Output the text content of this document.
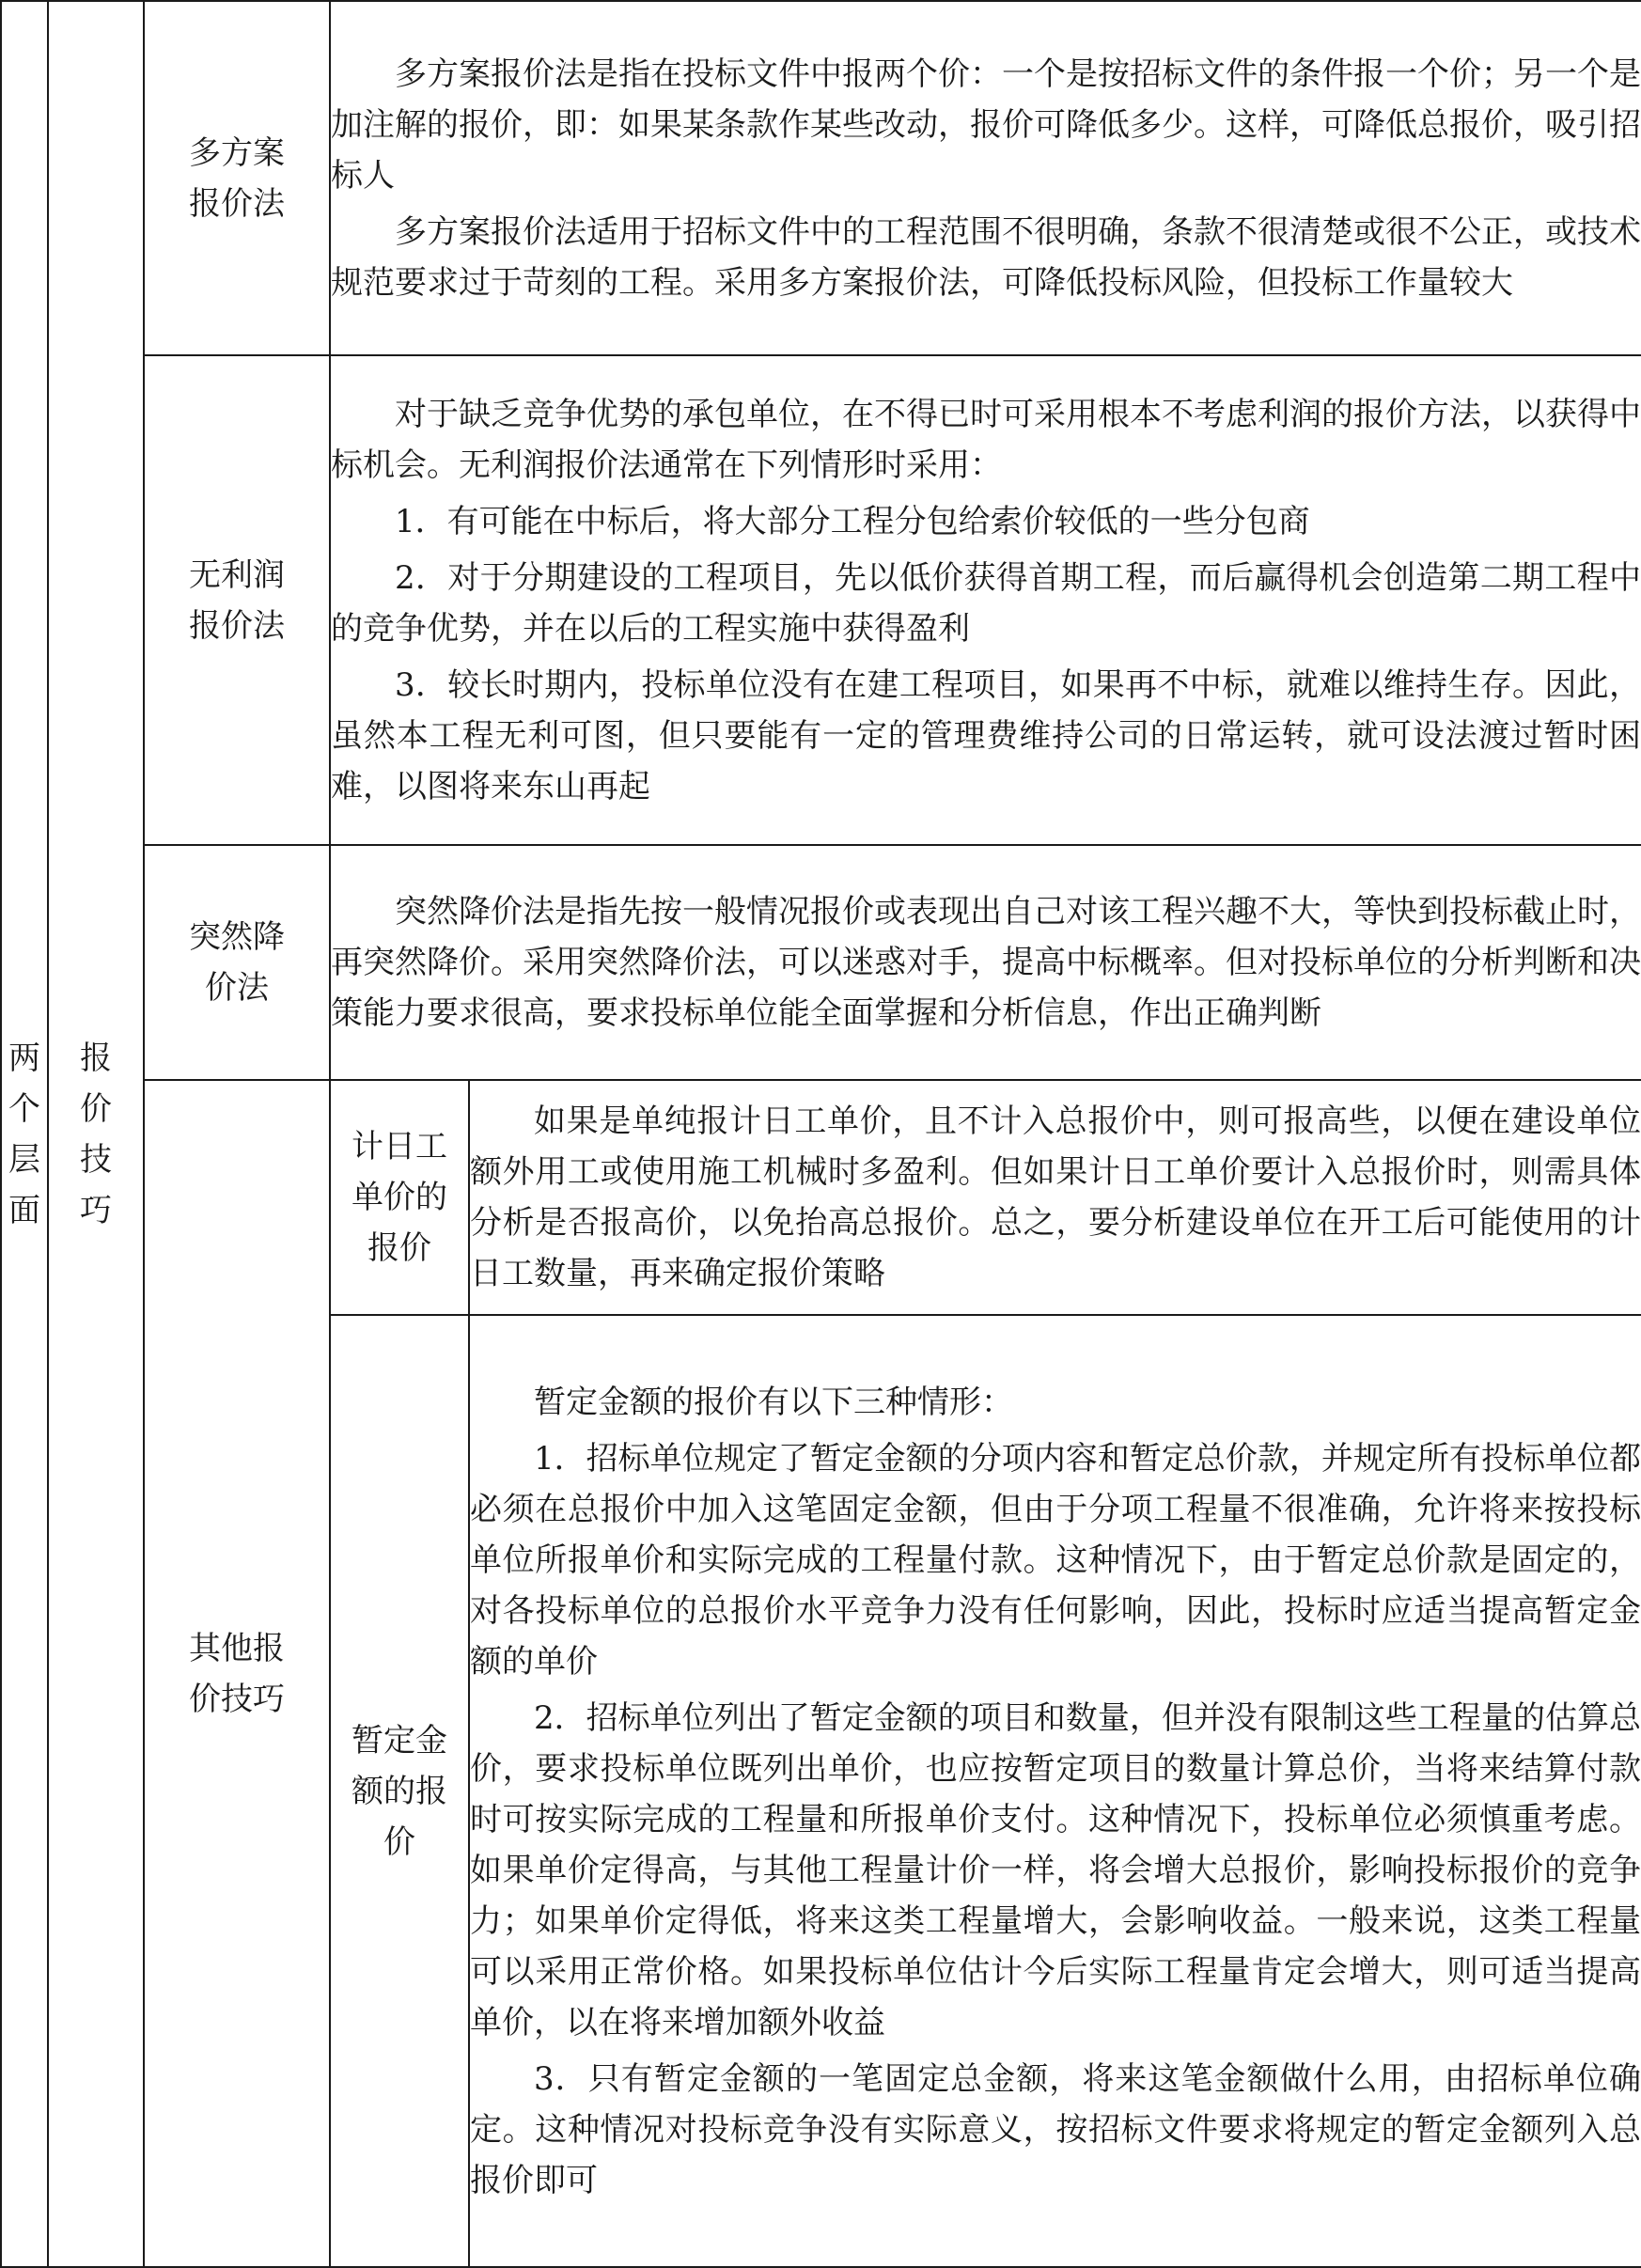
两个层面	报价技巧	多方案报价法	多方案报价法是指在投标文件中报两个价：一个是按招标文件的条件报一个价；另一个是加注解的报价，即：如果某条款作某些改动，报价可降低多少。这样，可降低总报价，吸引招标人

多方案报价法适用于招标文件中的工程范围不很明确，条款不很清楚或很不公正，或技术规范要求过于苛刻的工程。采用多方案报价法，可降低投标风险，但投标工作量较大	

		无利润报价法	对于缺乏竞争优势的承包单位，在不得已时可采用根本不考虑利润的报价方法，以获得中标机会。无利润报价法通常在下列情形时采用：

1．有可能在中标后，将大部分工程分包给索价较低的一些分包商

2．对于分期建设的工程项目，先以低价获得首期工程，而后赢得机会创造第二期工程中的竞争优势，并在以后的工程实施中获得盈利

3．较长时期内，投标单位没有在建工程项目，如果再不中标，就难以维持生存。因此，虽然本工程无利可图，但只要能有一定的管理费维持公司的日常运转，就可设法渡过暂时困难，以图将来东山再起	

		突然降价法	突然降价法是指先按一般情况报价或表现出自己对该工程兴趣不大，等快到投标截止时，再突然降价。采用突然降价法，可以迷惑对手，提高中标概率。但对投标单位的分析判断和决策能力要求很高，要求投标单位能全面掌握和分析信息，作出正确判断	

		其他报价技巧	计日工单价的报价	如果是单纯报计日工单价，且不计入总报价中，则可报高些，以便在建设单位额外用工或使用施工机械时多盈利。但如果计日工单价要计入总报价时，则需具体分析是否报高价，以免抬高总报价。总之，要分析建设单位在开工后可能使用的计日工数量，再来确定报价策略

			暂定金额的报价	暂定金额的报价有以下三种情形：

1．招标单位规定了暂定金额的分项内容和暂定总价款，并规定所有投标单位都必须在总报价中加入这笔固定金额，但由于分项工程量不很准确，允许将来按投标单位所报单价和实际完成的工程量付款。这种情况下，由于暂定总价款是固定的，对各投标单位的总报价水平竞争力没有任何影响，因此，投标时应适当提高暂定金额的单价

2．招标单位列出了暂定金额的项目和数量，但并没有限制这些工程量的估算总价，要求投标单位既列出单价，也应按暂定项目的数量计算总价，当将来结算付款时可按实际完成的工程量和所报单价支付。这种情况下，投标单位必须慎重考虑。如果单价定得高，与其他工程量计价一样，将会增大总报价，影响投标报价的竞争力；如果单价定得低，将来这类工程量增大，会影响收益。一般来说，这类工程量可以采用正常价格。如果投标单位估计今后实际工程量肯定会增大，则可适当提高单价，以在将来增加额外收益

3．只有暂定金额的一笔固定总金额，将来这笔金额做什么用，由招标单位确定。这种情况对投标竞争没有实际意义，按招标文件要求将规定的暂定金额列入总报价即可
